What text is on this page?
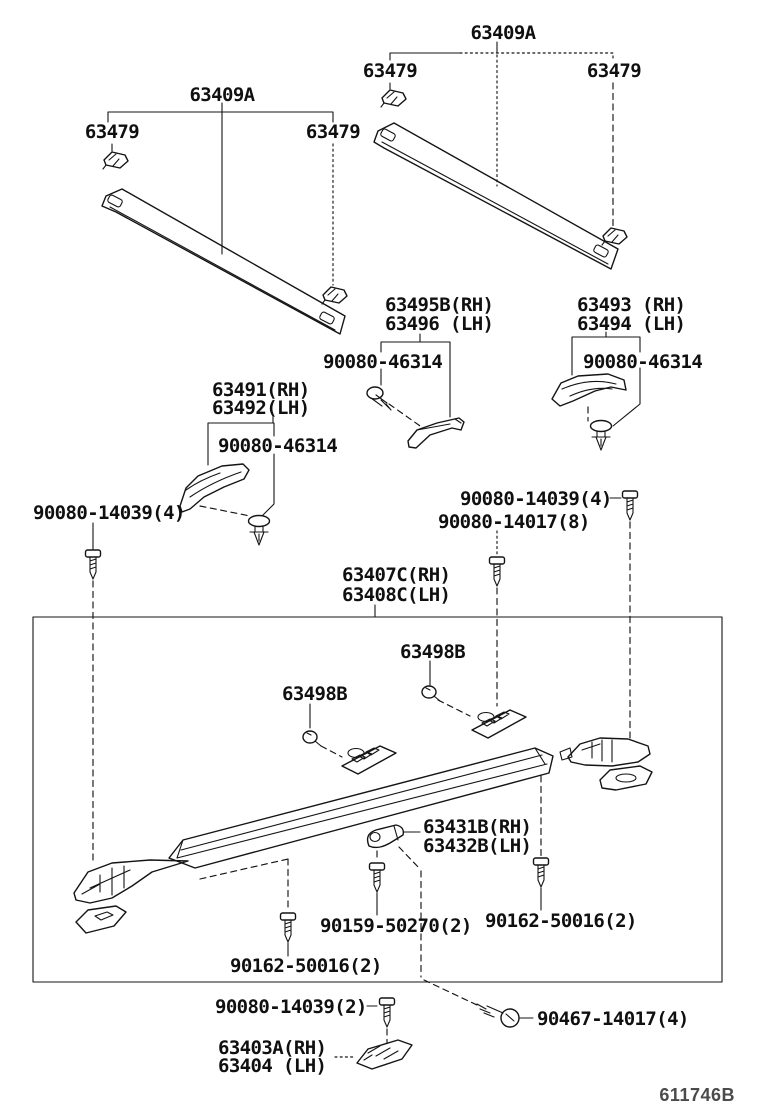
63409A
63479	63479
63409A
63479	63479
63495B(RH)
63496 (LH)
90080-46314
63493 (RH)
63494 (LH)
90080-46314
63491(RH)
63492(LH)
90080-46314
90080-14039(4)
90080-14039(4)
90080-14017(8)
63407C(RH)
63408C(LH)
63498B
63498B
63431B(RH)
63432B(LH)
90159-50270(2)
90162-50016(2)
90162-50016(2)
90080-14039(2)
63403A(RH)
63404 (LH)
90467-14017(4)
611746B
